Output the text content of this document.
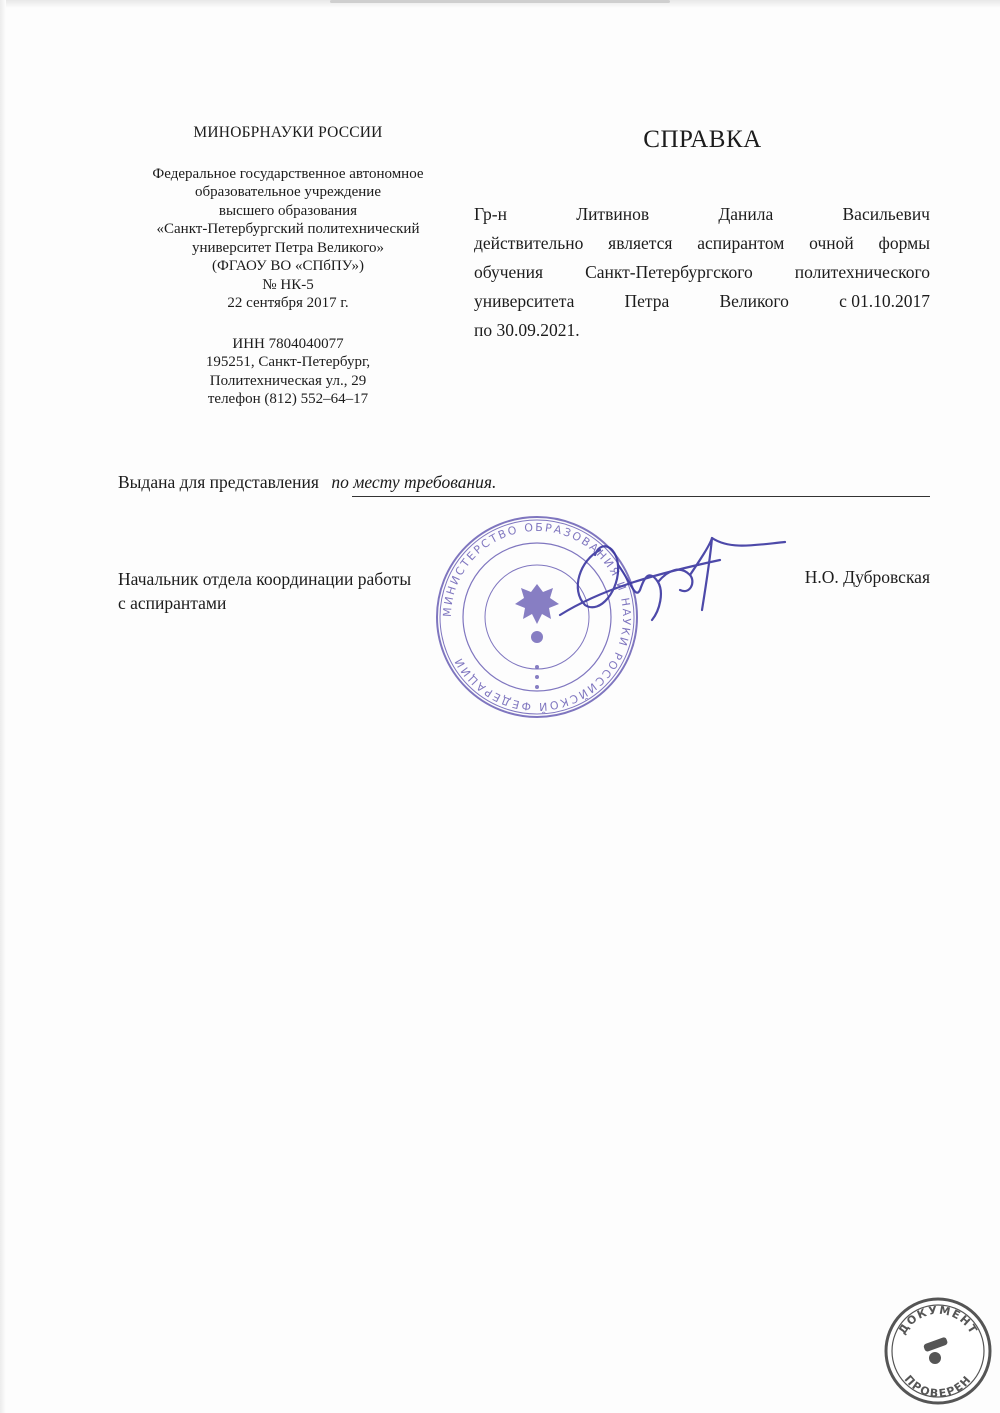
МИНОБРНАУКИ РОССИИ
Федеральное государственное автономное
образовательное учреждение
высшего образования
«Санкт-Петербургский политехнический
университет Петра Великого»
(ФГАОУ ВО «СПбПУ»)
№ НК-5
22 сентября 2017 г.
ИНН 7804040077
195251, Санкт-Петербург,
Политехническая ул., 29
телефон (812) 552–64–17
СПРАВКА
Гр-н	Литвинов	Данила	Васильевич
действительно является аспирантом очной формы
обучения Санкт-Петербургского политехнического
университета	Петра	Великого	с 01.10.2017
по 30.09.2021.
Выдана для представления по месту требования.
Начальник отдела координации работы
с аспирантами
Н.О. Дубровская
МИНИСТЕРСТВО ОБРАЗОВАНИЯ И НАУКИ РОССИЙСКОЙ ФЕДЕРАЦИИ
ДОКУМЕНТ
ПРОВЕРЕН
